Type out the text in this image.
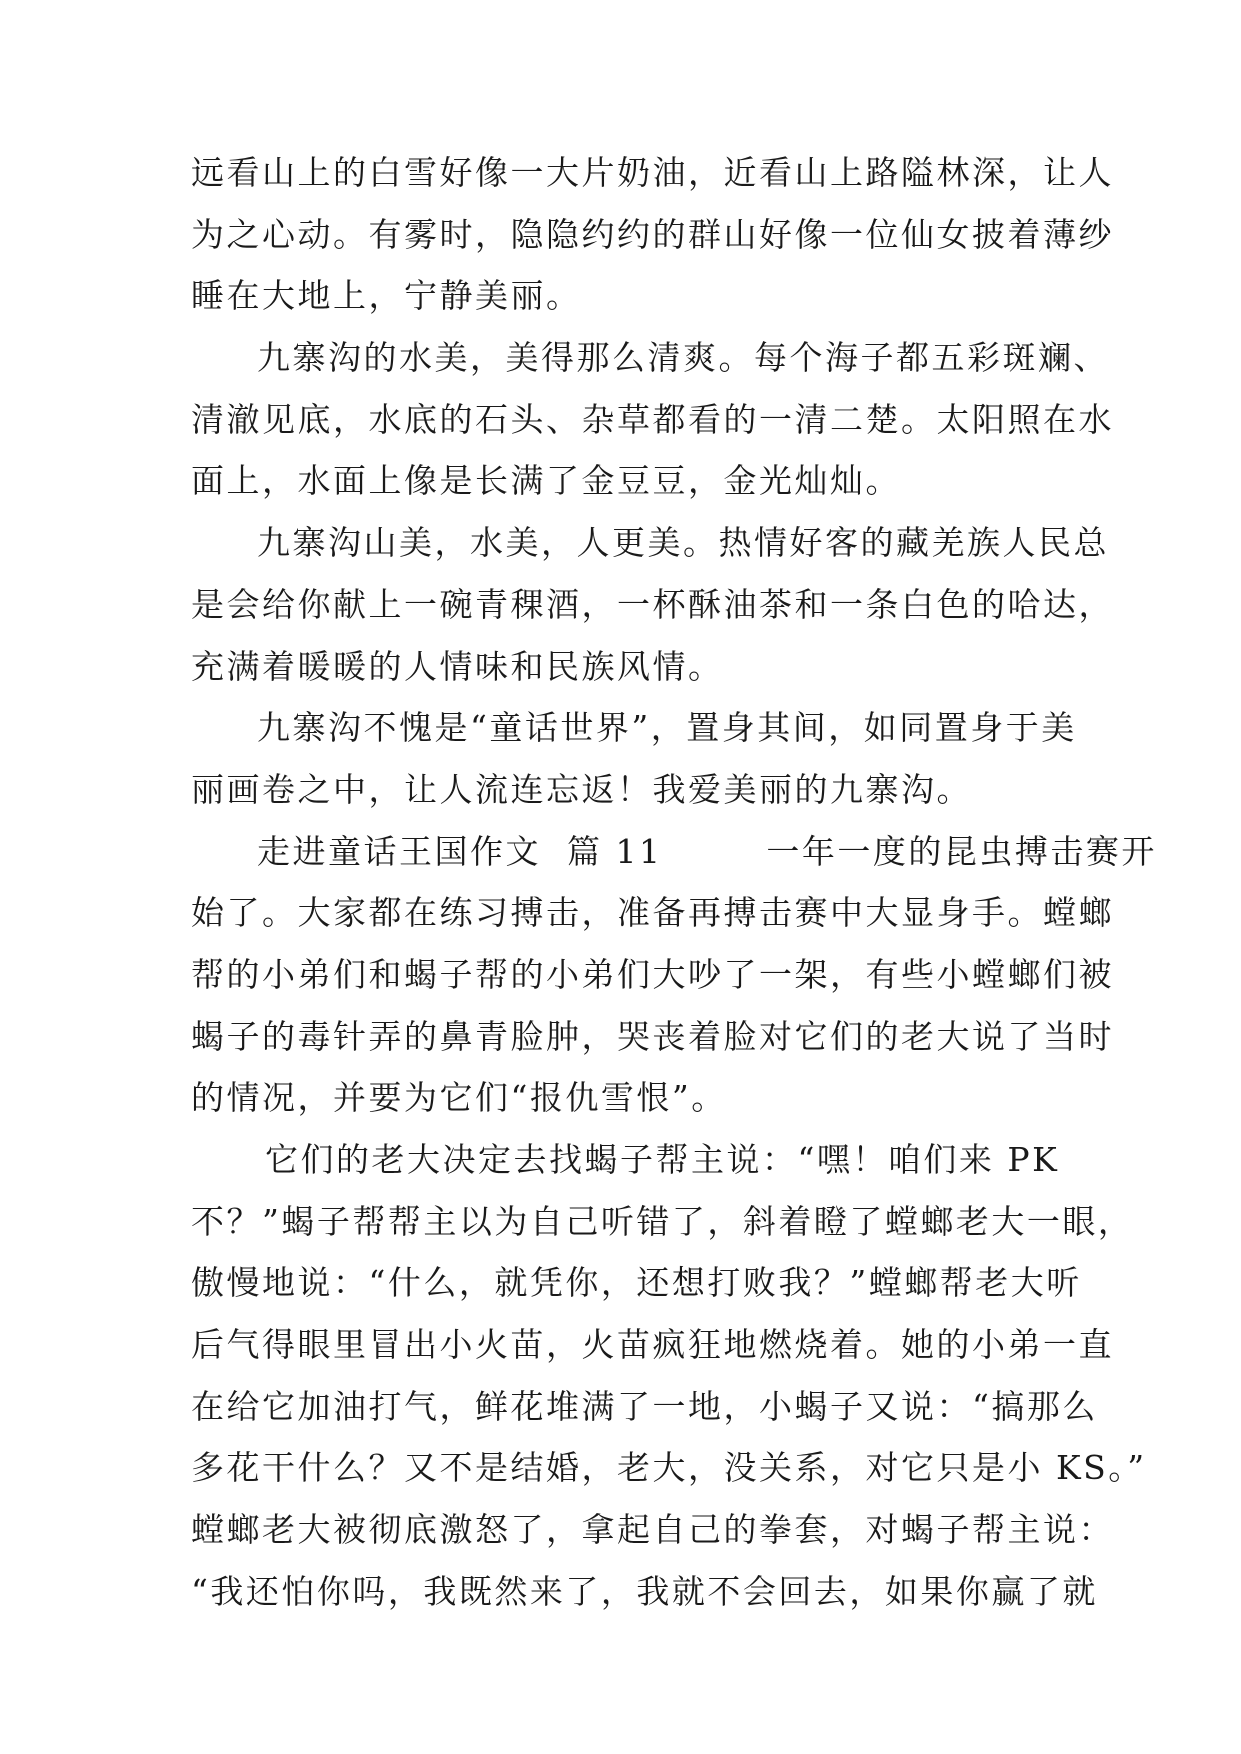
远看山上的白雪好像一大片奶油，近看山上路隘林深，让人
为之心动。有雾时，隐隐约约的群山好像一位仙女披着薄纱
睡在大地上，宁静美丽。
九寨沟的水美，美得那么清爽。每个海子都五彩斑斓、
清澈见底，水底的石头、杂草都看的一清二楚。太阳照在水
面上，水面上像是长满了金豆豆，金光灿灿。
九寨沟山美，水美，人更美。热情好客的藏羌族人民总
是会给你献上一碗青稞酒，一杯酥油茶和一条白色的哈达，
充满着暖暖的人情味和民族风情。
九寨沟不愧是“童话世界”，置身其间，如同置身于美
丽画卷之中，让人流连忘返！我爱美丽的九寨沟。
走进童话王国作文  篇 11        一年一度的昆虫搏击赛开
始了。大家都在练习搏击，准备再搏击赛中大显身手。螳螂
帮的小弟们和蝎子帮的小弟们大吵了一架，有些小螳螂们被
蝎子的毒针弄的鼻青脸肿，哭丧着脸对它们的老大说了当时
的情况，并要为它们“报仇雪恨”。
它们的老大决定去找蝎子帮主说：“嘿！咱们来 PK
不？”蝎子帮帮主以为自己听错了，斜着瞪了螳螂老大一眼，
傲慢地说：“什么，就凭你，还想打败我？”螳螂帮老大听
后气得眼里冒出小火苗，火苗疯狂地燃烧着。她的小弟一直
在给它加油打气，鲜花堆满了一地，小蝎子又说：“搞那么
多花干什么？又不是结婚，老大，没关系，对它只是小 KS。”
螳螂老大被彻底激怒了，拿起自己的拳套，对蝎子帮主说：
“我还怕你吗，我既然来了，我就不会回去，如果你赢了就
